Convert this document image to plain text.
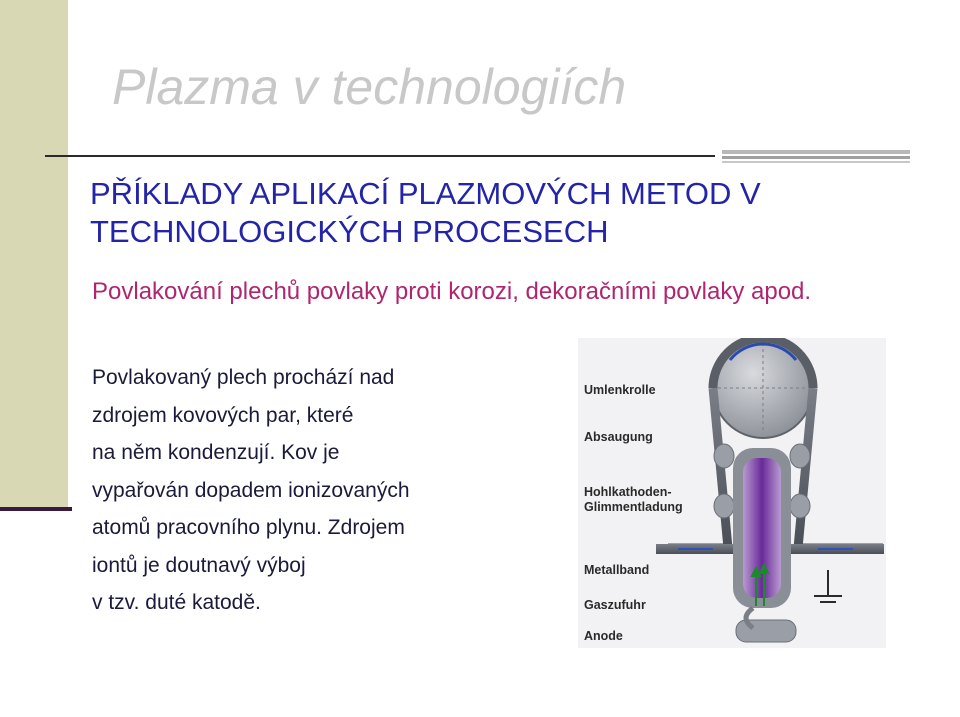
Plazma v technologiích
PŘÍKLADY APLIKACÍ PLAZMOVÝCH METOD V TECHNOLOGICKÝCH PROCESECH
Povlakování plechů povlaky proti korozi, dekoračními povlaky apod.
Povlakovaný plech prochází nad
zdrojem kovových par, které
na něm kondenzují. Kov je
vypařován dopadem ionizovaných
atomů pracovního plynu. Zdrojem
iontů je doutnavý výboj
v tzv. duté katodě.
Umlenkrolle
Absaugung
Hohlkathoden-
Glimmentladung
Metallband
Gaszufuhr
Anode
